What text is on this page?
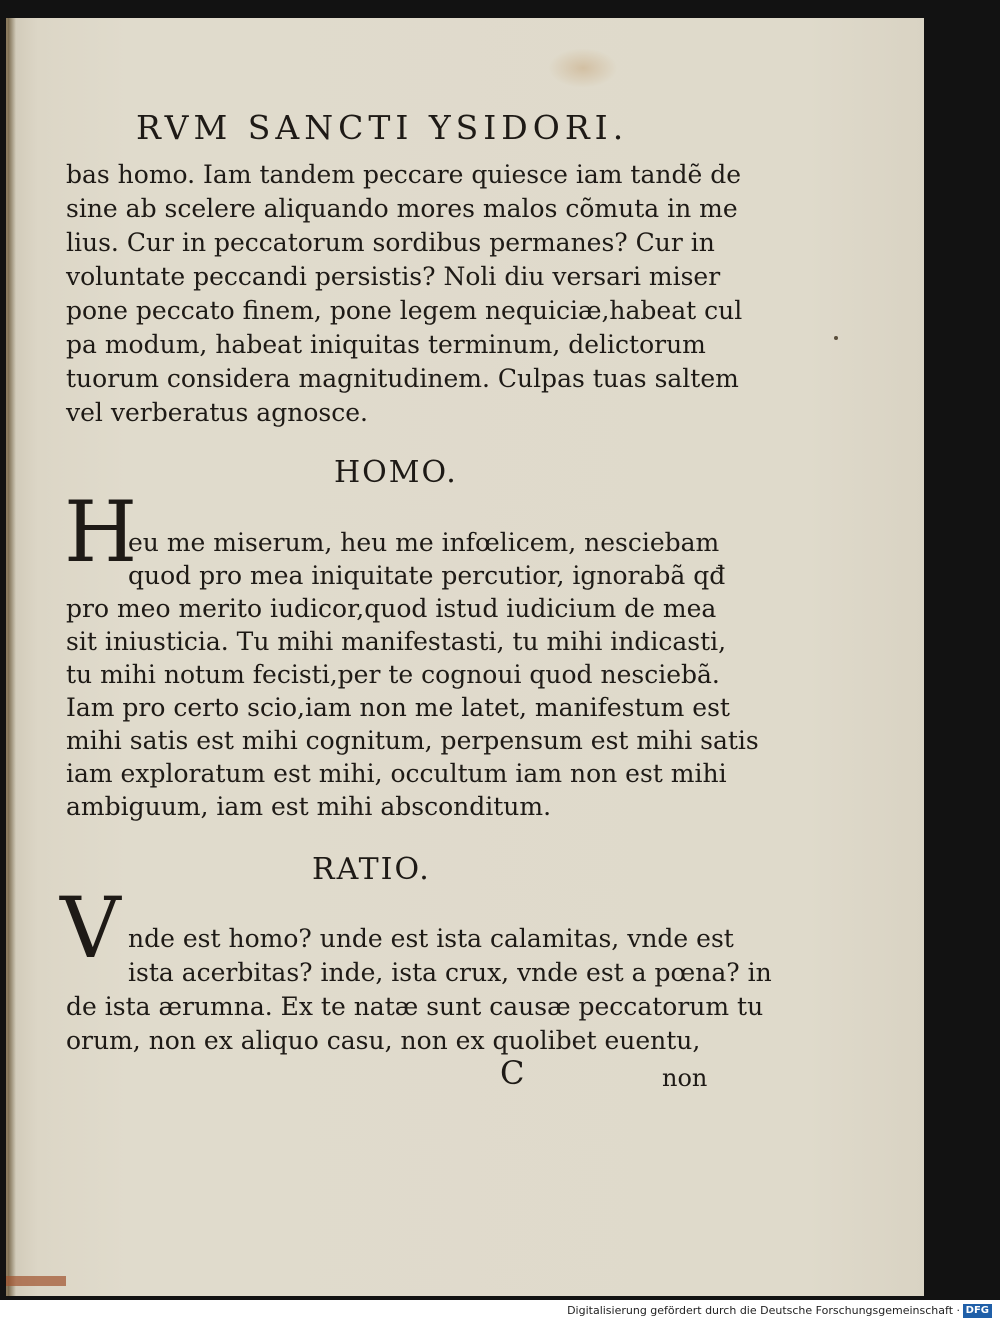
RVM SANCTI YSIDORI.
bas homo. Iam tandem peccare quiesce iam tandẽ de
sine ab scelere aliquando mores malos cõmuta in me
lius. Cur in peccatorum sordibus permanes? Cur in
voluntate peccandi persistis? Noli diu versari miser
pone peccato finem, pone legem nequiciæ,habeat cul
pa modum, habeat iniquitas terminum, delictorum
tuorum considera magnitudinem. Culpas tuas saltem
vel verberatus agnosce.
HOMO.
H
eu me miserum, heu me infœlicem, nesciebam
quod pro mea iniquitate percutior, ignorabã qđ
pro meo merito iudicor,quod istud iudicium de mea
sit iniusticia. Tu mihi manifestasti, tu mihi indicasti,
tu mihi notum fecisti,per te cognoui quod nesciebã.
Iam pro certo scio,iam non me latet, manifestum est
mihi satis est mihi cognitum, perpensum est mihi satis
iam exploratum est mihi, occultum iam non est mihi
ambiguum, iam est mihi absconditum.
RATIO.
V nde est homo? unde est ista calamitas, vnde est
ista acerbitas? inde, ista crux, vnde est a pœna? in
de ista ærumna. Ex te natæ sunt causæ peccatorum tu
orum, non ex aliquo casu, non ex quolibet euentu,
C	non
Digitalisierung gefördert durch die Deutsche Forschungsgemeinschaft · DFG
